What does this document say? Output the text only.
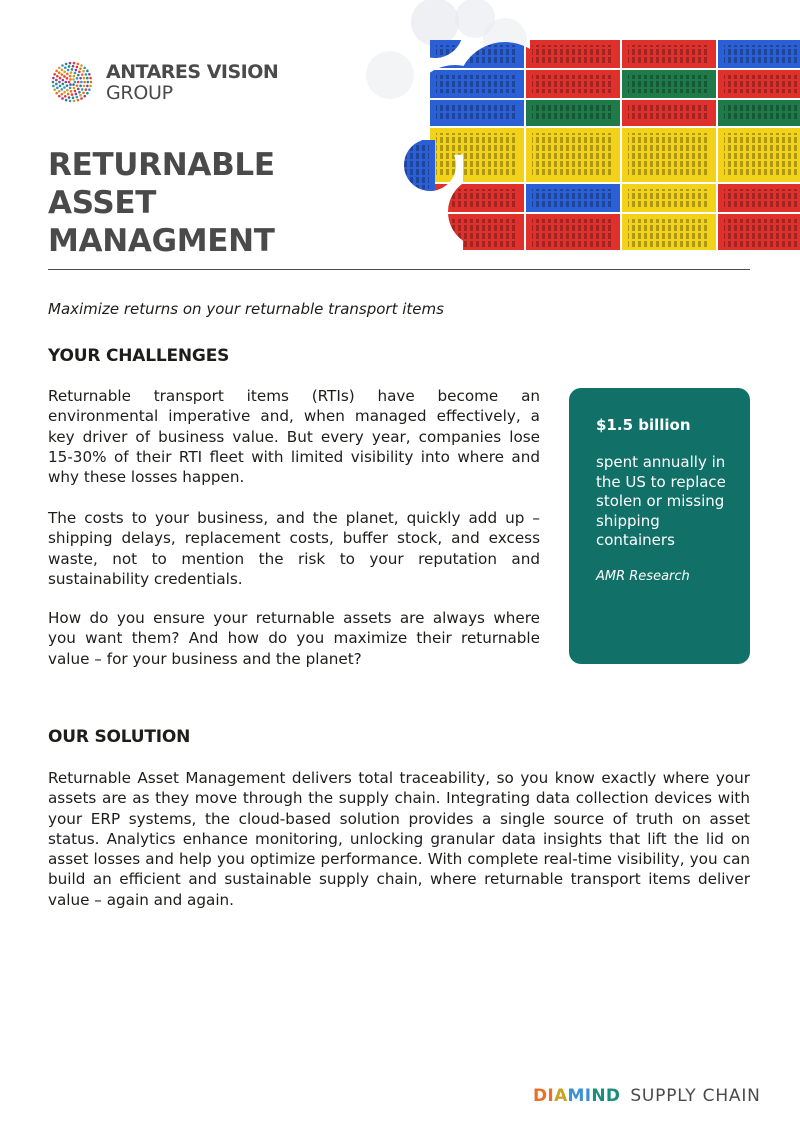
ANTARES VISION
GROUP
RETURNABLE ASSET MANAGMENT

Maximize returns on your returnable transport items

YOUR CHALLENGES

Returnable transport items (RTIs) have become an environmental imperative and, when managed effectively, a key driver of business value. But every year, companies lose 15-30% of their RTI fleet with limited visibility into where and why these losses happen.

The costs to your business, and the planet, quickly add up – shipping delays, replacement costs, buffer stock, and excess waste, not to mention the risk to your reputation and sustainability credentials.

How do you ensure your returnable assets are always where you want them? And how do you maximize their returnable value – for your business and the planet?

$1.5 billion
spent annually in the US to replace stolen or missing shipping containers
AMR Research
OUR SOLUTION

Returnable Asset Management delivers total traceability, so you know exactly where your assets are as they move through the supply chain. Integrating data collection devices with your ERP systems, the cloud-based solution provides a single source of truth on asset status. Analytics enhance monitoring, unlocking granular data insights that lift the lid on asset losses and help you optimize performance. With complete real-time visibility, you can build an efficient and sustainable supply chain, where returnable transport items deliver value – again and again.

DIAMIND SUPPLY CHAIN
